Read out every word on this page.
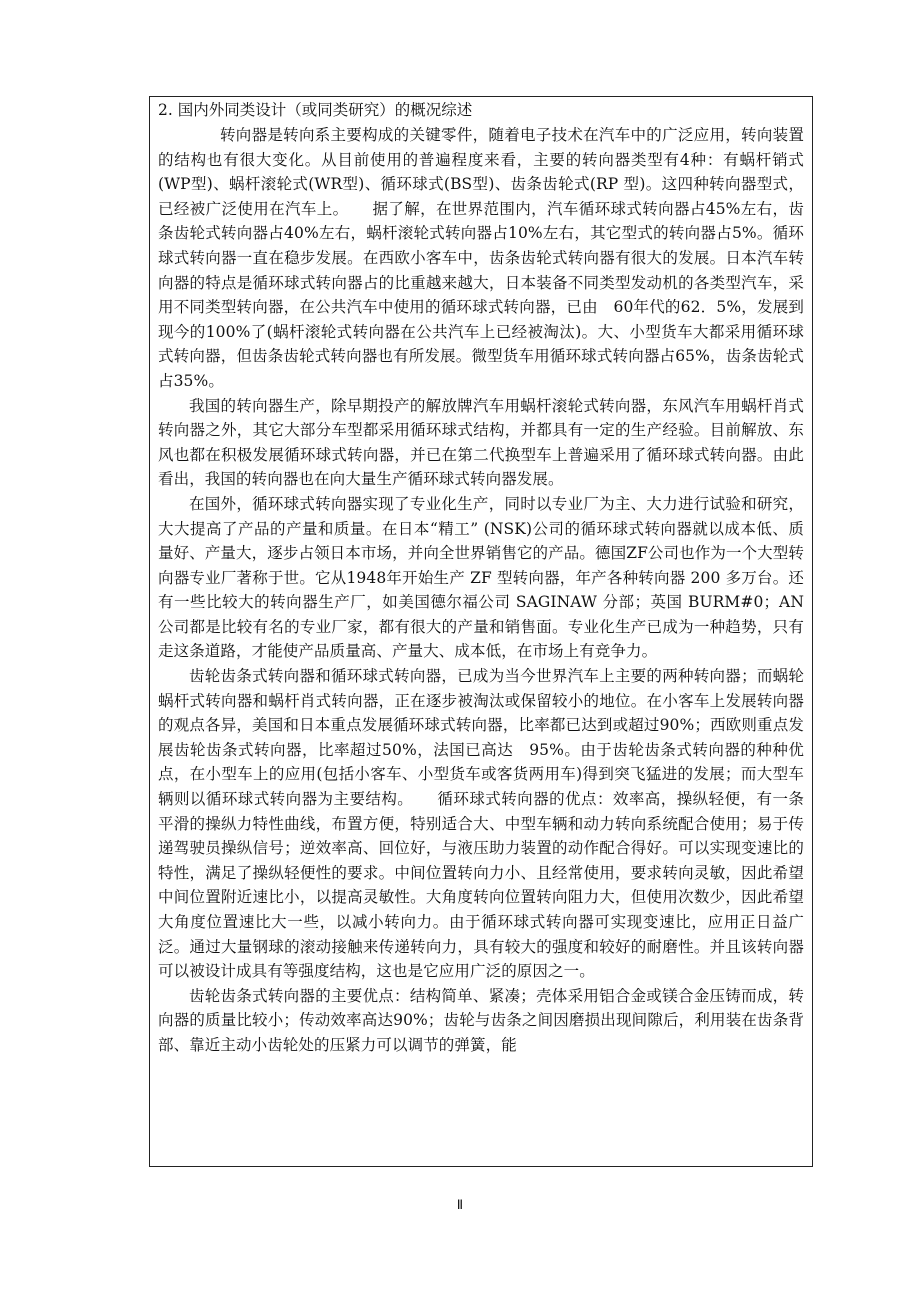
2. 国内外同类设计（或同类研究）的概况综述

转向器是转向系主要构成的关键零件，随着电子技术在汽车中的广泛应用，转向装置的结构也有很大变化。从目前使用的普遍程度来看，主要的转向器类型有4种：有蜗杆销式(WP型)、蜗杆滚轮式(WR型)、循环球式(BS型)、齿条齿轮式(RP 型)。这四种转向器型式，已经被广泛使用在汽车上。　　据了解，在世界范围内，汽车循环球式转向器占45%左右，齿条齿轮式转向器占40%左右，蜗杆滚轮式转向器占10%左右，其它型式的转向器占5%。循环球式转向器一直在稳步发展。在西欧小客车中，齿条齿轮式转向器有很大的发展。日本汽车转向器的特点是循环球式转向器占的比重越来越大，日本装备不同类型发动机的各类型汽车，采用不同类型转向器，在公共汽车中使用的循环球式转向器，已由　60年代的62．5%，发展到现今的100%了(蜗杆滚轮式转向器在公共汽车上已经被淘汰)。大、小型货车大都采用循环球式转向器，但齿条齿轮式转向器也有所发展。微型货车用循环球式转向器占65%，齿条齿轮式占35%。

我国的转向器生产，除早期投产的解放牌汽车用蜗杆滚轮式转向器，东风汽车用蜗杆肖式转向器之外，其它大部分车型都采用循环球式结构，并都具有一定的生产经验。目前解放、东风也都在积极发展循环球式转向器，并已在第二代换型车上普遍采用了循环球式转向器。由此看出，我国的转向器也在向大量生产循环球式转向器发展。

在国外，循环球式转向器实现了专业化生产，同时以专业厂为主、大力进行试验和研究，大大提高了产品的产量和质量。在日本“精工” (NSK)公司的循环球式转向器就以成本低、质量好、产量大，逐步占领日本市场，并向全世界销售它的产品。德国ZF公司也作为一个大型转向器专业厂著称于世。它从1948年开始生产 ZF 型转向器，年产各种转向器 200 多万台。还有一些比较大的转向器生产厂，如美国德尔福公司 SAGINAW 分部；英国 BURM#0；AN 公司都是比较有名的专业厂家，都有很大的产量和销售面。专业化生产已成为一种趋势，只有走这条道路，才能使产品质量高、产量大、成本低，在市场上有竞争力。

齿轮齿条式转向器和循环球式转向器，已成为当今世界汽车上主要的两种转向器；而蜗轮蜗杆式转向器和蜗杆肖式转向器，正在逐步被淘汰或保留较小的地位。在小客车上发展转向器的观点各异，美国和日本重点发展循环球式转向器，比率都已达到或超过90%；西欧则重点发展齿轮齿条式转向器，比率超过50%，法国已高达　95%。由于齿轮齿条式转向器的种种优点，在小型车上的应用(包括小客车、小型货车或客货两用车)得到突飞猛进的发展；而大型车辆则以循环球式转向器为主要结构。　　循环球式转向器的优点：效率高，操纵轻便，有一条平滑的操纵力特性曲线，布置方便，特别适合大、中型车辆和动力转向系统配合使用；易于传递驾驶员操纵信号；逆效率高、回位好，与液压助力装置的动作配合得好。可以实现变速比的特性，满足了操纵轻便性的要求。中间位置转向力小、且经常使用，要求转向灵敏，因此希望中间位置附近速比小，以提高灵敏性。大角度转向位置转向阻力大，但使用次数少，因此希望大角度位置速比大一些，以减小转向力。由于循环球式转向器可实现变速比，应用正日益广泛。通过大量钢球的滚动接触来传递转向力，具有较大的强度和较好的耐磨性。并且该转向器可以被设计成具有等强度结构，这也是它应用广泛的原因之一。

齿轮齿条式转向器的主要优点：结构简单、紧凑；壳体采用铝合金或镁合金压铸而成，转向器的质量比较小；传动效率高达90%；齿轮与齿条之间因磨损出现间隙后，利用装在齿条背部、靠近主动小齿轮处的压紧力可以调节的弹簧，能

Ⅱ
